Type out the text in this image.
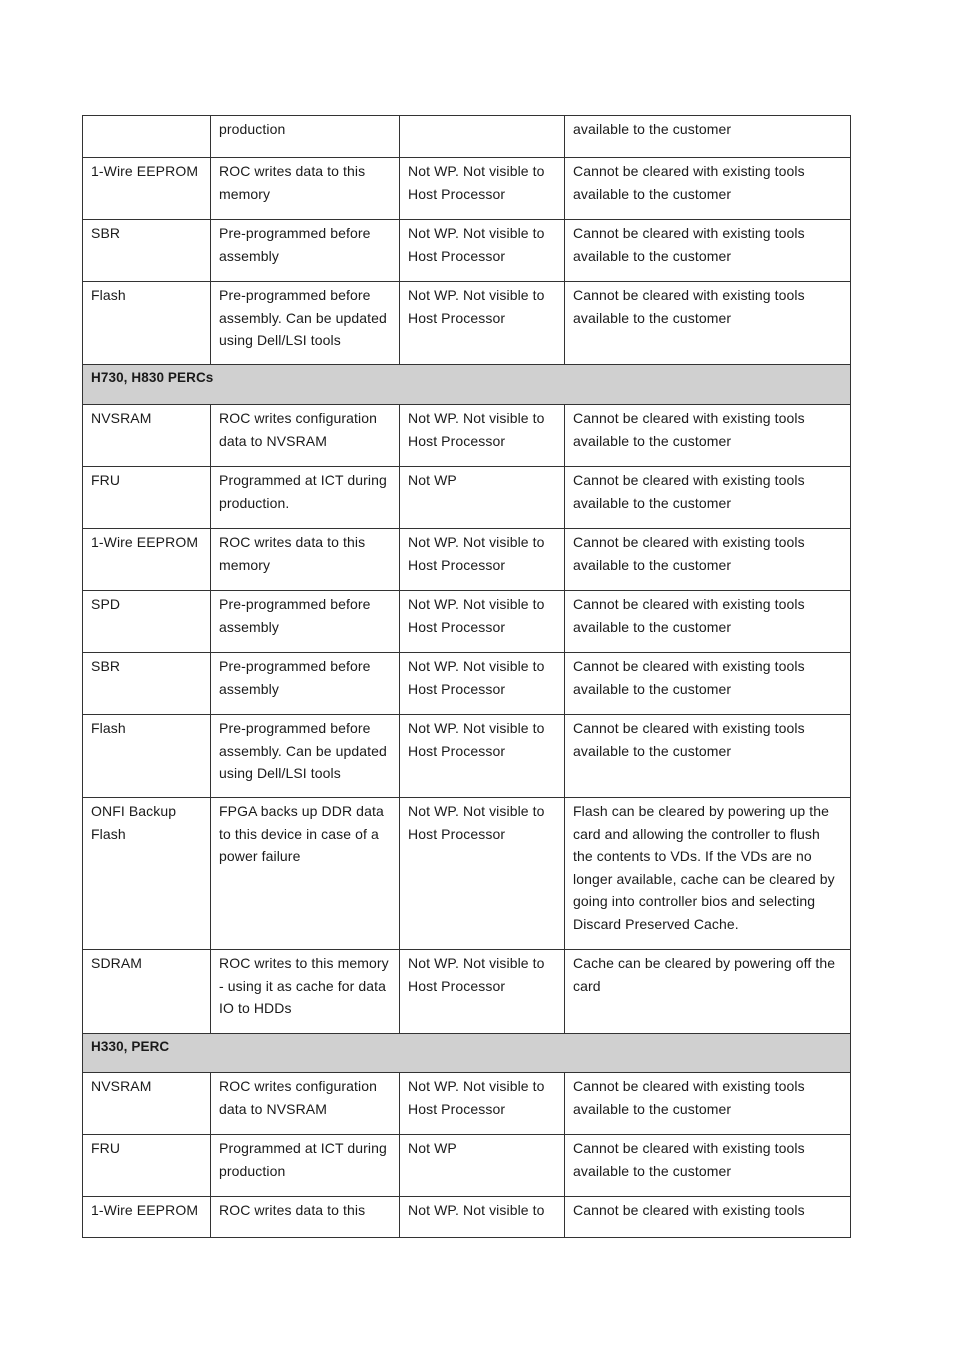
	production		available to the customer
1-Wire EEPROM	ROC writes data to this memory	Not WP. Not visible to Host Processor	Cannot be cleared with existing tools available to the customer
SBR	Pre-programmed before assembly	Not WP. Not visible to Host Processor	Cannot be cleared with existing tools available to the customer
Flash	Pre-programmed before assembly. Can be updated using Dell/LSI tools	Not WP. Not visible to Host Processor	Cannot be cleared with existing tools available to the customer
H730, H830 PERCs			
NVSRAM	ROC writes configuration data to NVSRAM	Not WP. Not visible to Host Processor	Cannot be cleared with existing tools available to the customer
FRU	Programmed at ICT during production.	Not WP	Cannot be cleared with existing tools available to the customer
1-Wire EEPROM	ROC writes data to this memory	Not WP. Not visible to Host Processor	Cannot be cleared with existing tools available to the customer
SPD	Pre-programmed before assembly	Not WP. Not visible to Host Processor	Cannot be cleared with existing tools available to the customer
SBR	Pre-programmed before assembly	Not WP. Not visible to Host Processor	Cannot be cleared with existing tools available to the customer
Flash	Pre-programmed before assembly. Can be updated using Dell/LSI tools	Not WP. Not visible to Host Processor	Cannot be cleared with existing tools available to the customer
ONFI Backup Flash	FPGA backs up DDR data to this device in case of a power failure	Not WP. Not visible to Host Processor	Flash can be cleared by powering up the card and allowing the controller to flush the contents to VDs. If the VDs are no longer available, cache can be cleared by going into controller bios and selecting Discard Preserved Cache.
SDRAM	ROC writes to this memory - using it as cache for data IO to HDDs	Not WP. Not visible to Host Processor	Cache can be cleared by powering off the card
H330, PERC			
NVSRAM	ROC writes configuration data to NVSRAM	Not WP. Not visible to Host Processor	Cannot be cleared with existing tools available to the customer
FRU	Programmed at ICT during production	Not WP	Cannot be cleared with existing tools available to the customer
1-Wire EEPROM	ROC writes data to this	Not WP. Not visible to	Cannot be cleared with existing tools
